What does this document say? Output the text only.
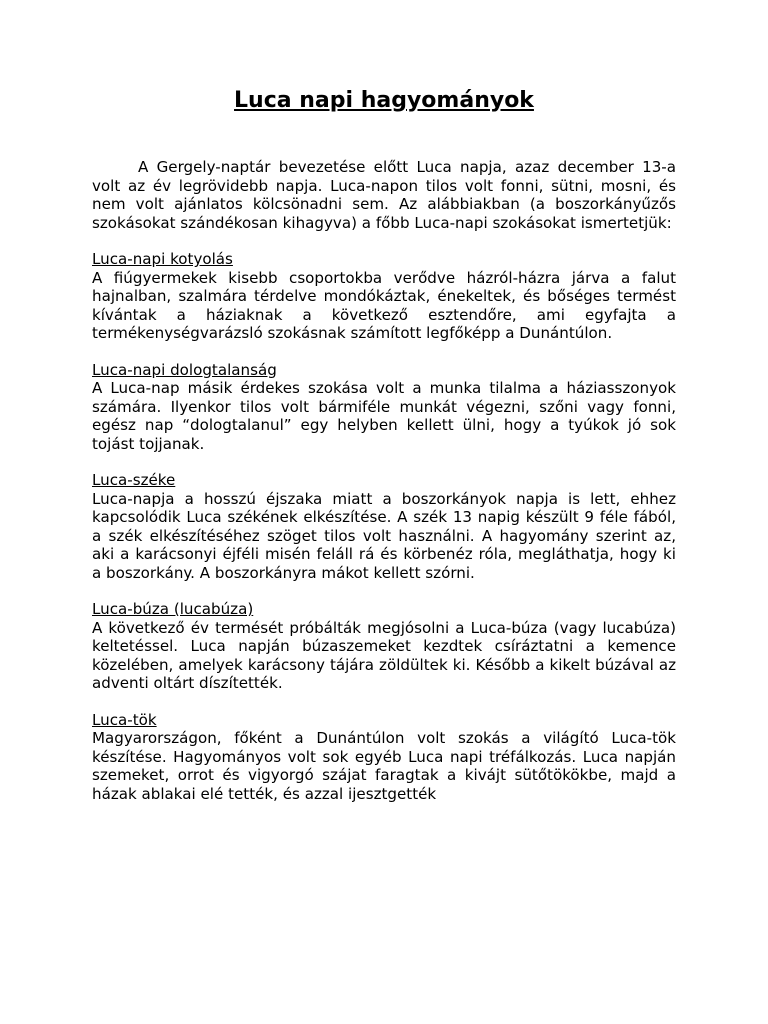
Luca napi hagyományok

A Gergely-naptár bevezetése előtt Luca napja, azaz december 13-a volt az év legrövidebb napja. Luca-napon tilos volt fonni, sütni, mosni, és nem volt ajánlatos kölcsönadni sem. Az alábbiakban (a boszorkányűzős szokásokat szándékosan kihagyva) a főbb Luca-napi szokásokat ismertetjük:

Luca-napi kotyolás

A fiúgyermekek kisebb csoportokba verődve házról-házra járva a falut hajnalban, szalmára térdelve mondókáztak, énekeltek, és bőséges termést kívántak a háziaknak a következő esztendőre, ami egyfajta a termékenységvarázsló szokásnak számított legfőképp a Dunántúlon.

Luca-napi dologtalanság

A Luca-nap másik érdekes szokása volt a munka tilalma a háziasszonyok számára. Ilyenkor tilos volt bármiféle munkát végezni, szőni vagy fonni, egész nap “dologtalanul” egy helyben kellett ülni, hogy a tyúkok jó sok tojást tojjanak.

Luca-széke

Luca-napja a hosszú éjszaka miatt a boszorkányok napja is lett, ehhez kapcsolódik Luca székének elkészítése. A szék 13 napig készült 9 féle fából, a szék elkészítéséhez szöget tilos volt használni. A hagyomány szerint az, aki a karácsonyi éjféli misén feláll rá és körbenéz róla, megláthatja, hogy ki a boszorkány. A boszorkányra mákot kellett szórni.

Luca-búza (lucabúza)

A következő év termését próbálták megjósolni a Luca-búza (vagy lucabúza) keltetéssel. Luca napján búzaszemeket kezdtek csíráztatni a kemence közelében, amelyek karácsony tájára zöldültek ki. Később a kikelt búzával az adventi oltárt díszítették.

Luca-tök

Magyarországon, főként a Dunántúlon volt szokás a világító Luca-tök készítése. Hagyományos volt sok egyéb Luca napi tréfálkozás. Luca napján szemeket, orrot és vigyorgó szájat faragtak a kivájt sütőtökökbe, majd a házak ablakai elé tették, és azzal ijesztgették
